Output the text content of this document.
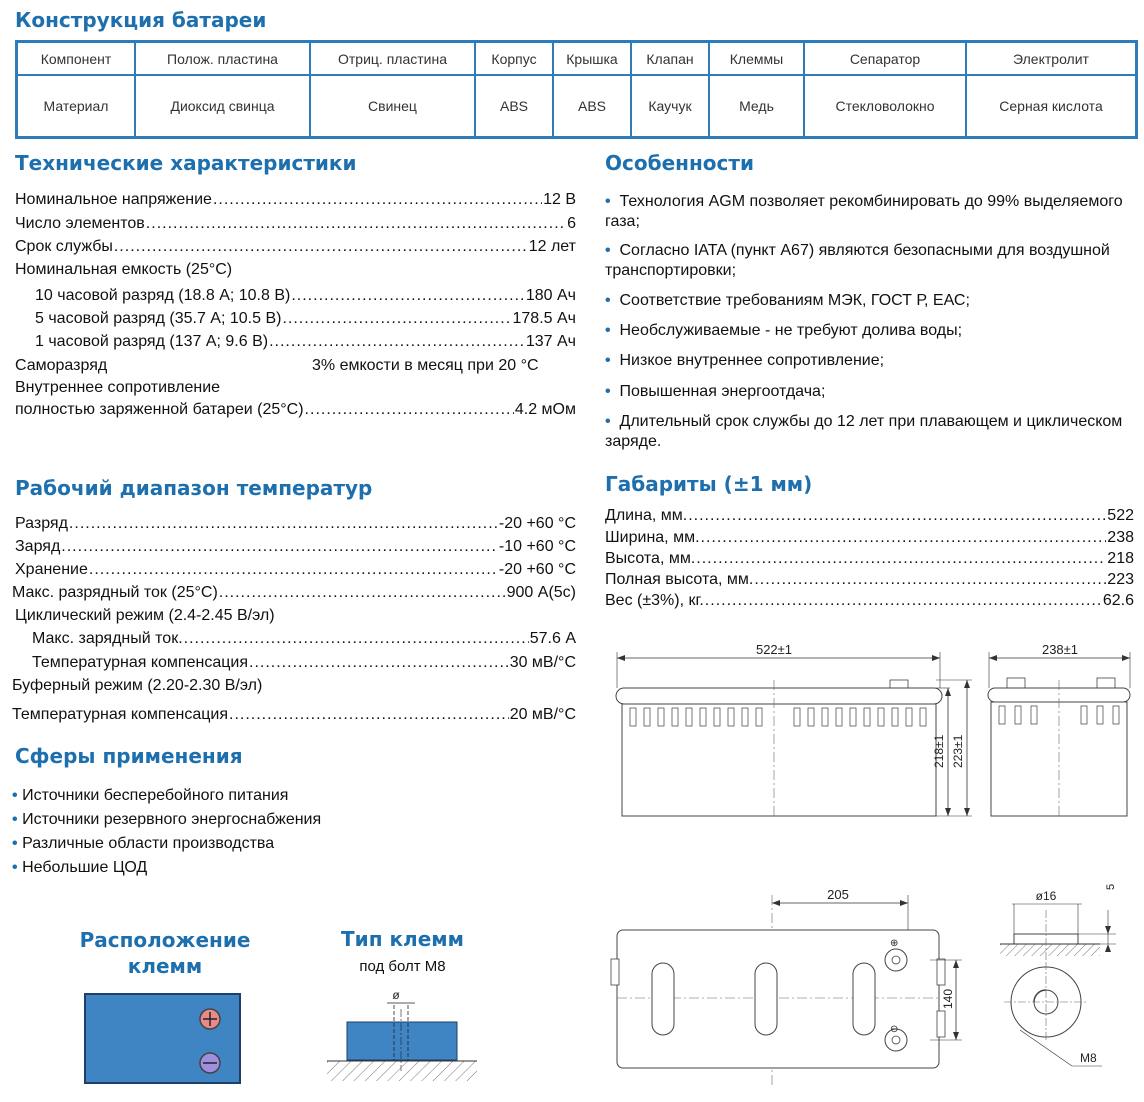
Конструкция батареи
Технические характеристики	Особенности
Рабочий диапазон температур	Габариты (±1 мм)
Сферы применения
Компонент	Полож. пластина	Отриц. пластина	Корпус	Крышка	Клапан	Клеммы	Сепаратор	Электролит
Материал	Диоксид свинца	Свинец	ABS	ABS	Каучук	Медь	Стекловолокно	Серная кислота
Номинальное напряжение .....	12 В
Число элементов .....	6
Срок службы .....	12 лет
Номинальная емкость (25°С)
10 часовой разряд (18.8 А; 10.8 В) .....	180 Ач
5 часовой разряд (35.7 А; 10.5 В) .....	178.5 Ач
1 часовой разряд (137 А; 9.6 В) .....	137 Ач
Саморазряд	3% емкости в месяц при 20 °С
Внутреннее сопротивление
полностью заряженной батареи (25°С) .....	4.2 мОм
• Технология AGM позволяет рекомбинировать до 99% выделяемого газа;
• Согласно IATA (пункт А67) являются безопасными для воздушной транспортировки;
• Соответствие требованиям МЭК, ГОСТ Р, ЕАС;
• Необслуживаемые - не требуют долива воды;
• Низкое внутреннее сопротивление;
• Повышенная энергоотдача;
• Длительный срок службы до 12 лет при плавающем и циклическом заряде.
Разряд .....	-20 +60 °С
Заряд .....	-10 +60 °С
Хранение .....	-20 +60 °С
Макс. разрядный ток (25°С) .....	900 А(5с)
Циклический режим (2.4-2.45 В/эл)
Макс. зарядный ток. .....	57.6 А
Температурная компенсация .....	30 мВ/°С
Буферный режим (2.20-2.30 В/эл)
Температурная компенсация .....	20 мВ/°С
Длина, мм. .....	522
Ширина, мм. .....	238
Высота, мм. .....	218
Полная высота, мм. .....	223
Вес (±3%), кг. .....	62.6
• Источники бесперебойного питания
• Источники резервного энергоснабжения
• Различные области производства
• Небольшие ЦОД
Расположение клемм
Тип клемм
под болт М8
ø
522±1
218±1 223±1
238±1
205
⊕
⊖
140
5
ø16
M8
